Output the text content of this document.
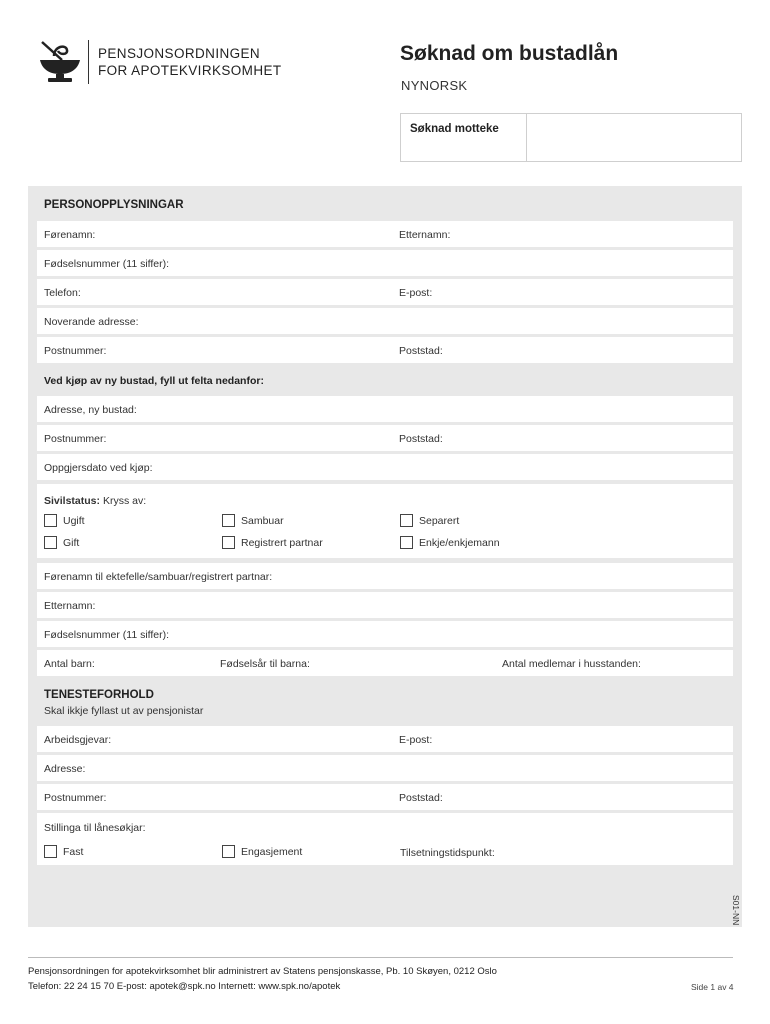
PENSJONSORDNINGEN
FOR APOTEKVIRKSOMHET
Søknad om bustadlån
NYNORSK
Søknad motteke
PERSONOPPLYSNINGAR
Førenamn:	Etternamn:
Fødselsnummer (11 siffer):
Telefon:	E-post:
Noverande adresse:
Postnummer:	Poststad:
Ved kjøp av ny bustad, fyll ut felta nedanfor:
Adresse, ny bustad:
Postnummer:	Poststad:
Oppgjersdato ved kjøp:
Sivilstatus: Kryss av:
Ugift	Sambuar	Separert
Gift	Registrert partnar	Enkje/enkjemann
Førenamn til ektefelle/sambuar/registrert partnar:
Etternamn:
Fødselsnummer (11 siffer):
Antal barn:	Fødselsår til barna:	Antal medlemar i husstanden:
TENESTEFORHOLD
Skal ikkje fyllast ut av pensjonistar
Arbeidsgjevar:	E-post:
Adresse:
Postnummer:	Poststad:
Stillinga til lånesøkjar:
Fast	Engasjement	Tilsetningstidspunkt:
S01-NN
Pensjonsordningen for apotekvirksomhet blir administrert av Statens pensjonskasse, Pb. 10 Skøyen, 0212 Oslo
Telefon: 22 24 15 70 E-post: apotek@spk.no Internett: www.spk.no/apotek	Side 1 av 4
